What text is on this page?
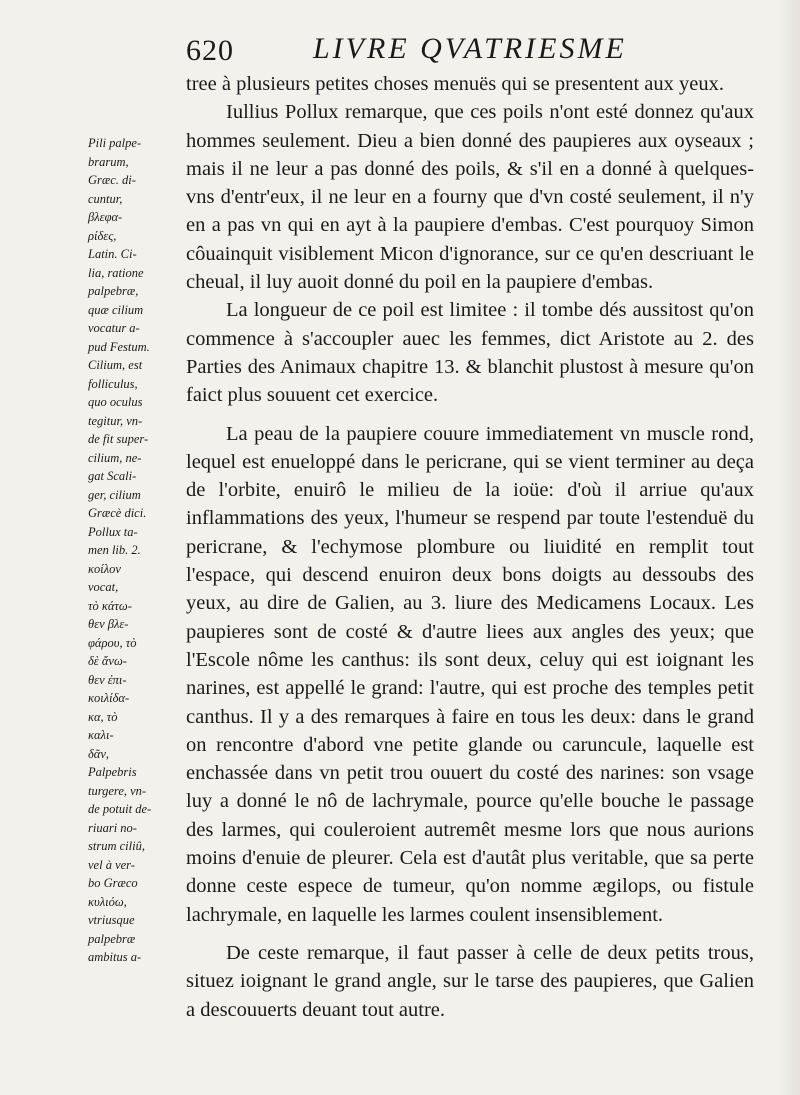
620	LIVRE QVATRIESME

tree à plusieurs petites choses menuës qui se presentent aux yeux.

Iullius Pollux remarque, que ces poils n'ont esté donnez qu'aux hommes seulement. Dieu a bien donné des paupieres aux oyseaux ; mais il ne leur a pas donné des poils, & s'il en a donné à quelques-vns d'entr'eux, il ne leur en a fourny que d'vn costé seulement, il n'y en a pas vn qui en ayt à la paupiere d'embas. C'est pourquoy Simon côuainquit visiblement Micon d'ignorance, sur ce qu'en descriuant le cheual, il luy auoit donné du poil en la paupiere d'embas.

La longueur de ce poil est limitee : il tombe dés aussitost qu'on commence à s'accoupler auec les femmes, dict Aristote au 2. des Parties des Animaux chapitre 13. & blanchit plustost à mesure qu'on faict plus souuent cet exercice.

La peau de la paupiere couure immediatement vn muscle rond, lequel est enueloppé dans le pericrane, qui se vient terminer au deça de l'orbite, enuirô le milieu de la ioüe: d'où il arriue qu'aux inflammations des yeux, l'humeur se respend par toute l'estenduë du pericrane, & l'echymose plombure ou liuidité en remplit tout l'espace, qui descend enuiron deux bons doigts au dessoubs des yeux, au dire de Galien, au 3. liure des Medicamens Locaux. Les paupieres sont de costé & d'autre liees aux angles des yeux; que l'Escole nôme les canthus: ils sont deux, celuy qui est ioignant les narines, est appellé le grand: l'autre, qui est proche des temples petit canthus. Il y a des remarques à faire en tous les deux: dans le grand on rencontre d'abord vne petite glande ou caruncule, laquelle est enchassée dans vn petit trou ouuert du costé des narines: son vsage luy a donné le nô de lachrymale, pource qu'elle bouche le passage des larmes, qui couleroient autremêt mesme lors que nous aurions moins d'enuie de pleurer. Cela est d'autât plus veritable, que sa perte donne ceste espece de tumeur, qu'on nomme ægilops, ou fistule lachrymale, en laquelle les larmes coulent insensiblement.

De ceste remarque, il faut passer à celle de deux petits trous, situez ioignant le grand angle, sur le tarse des paupieres, que Galien a descouuerts deuant tout autre.

Pili palpe-
brarum,
Græc. di-
cuntur,
βλεφα-
ρίδες,
Latin. Ci-
lia, ratione
palpebræ,
quæ cilium
vocatur a-
pud Festum.
Cilium, est
folliculus,
quo oculus
tegitur, vn-
de fit super-
cilium, ne-
gat Scali-
ger, cilium
Græcè dici.
Pollux ta-
men lib. 2.
κοίλον
vocat,
τὸ κάτω-
θεν βλε-
φάρου, τὸ
δὲ ἄνω-
θεν ἐπι-
κοιλίδα-
κα, τὸ
καλι-
δᾶν,
Palpebris
turgere, vn-
de potuit de-
riuari no-
strum ciliû,
vel à ver-
bo Græco
κυλιόω,
vtriusque
palpebræ
ambitus a-
